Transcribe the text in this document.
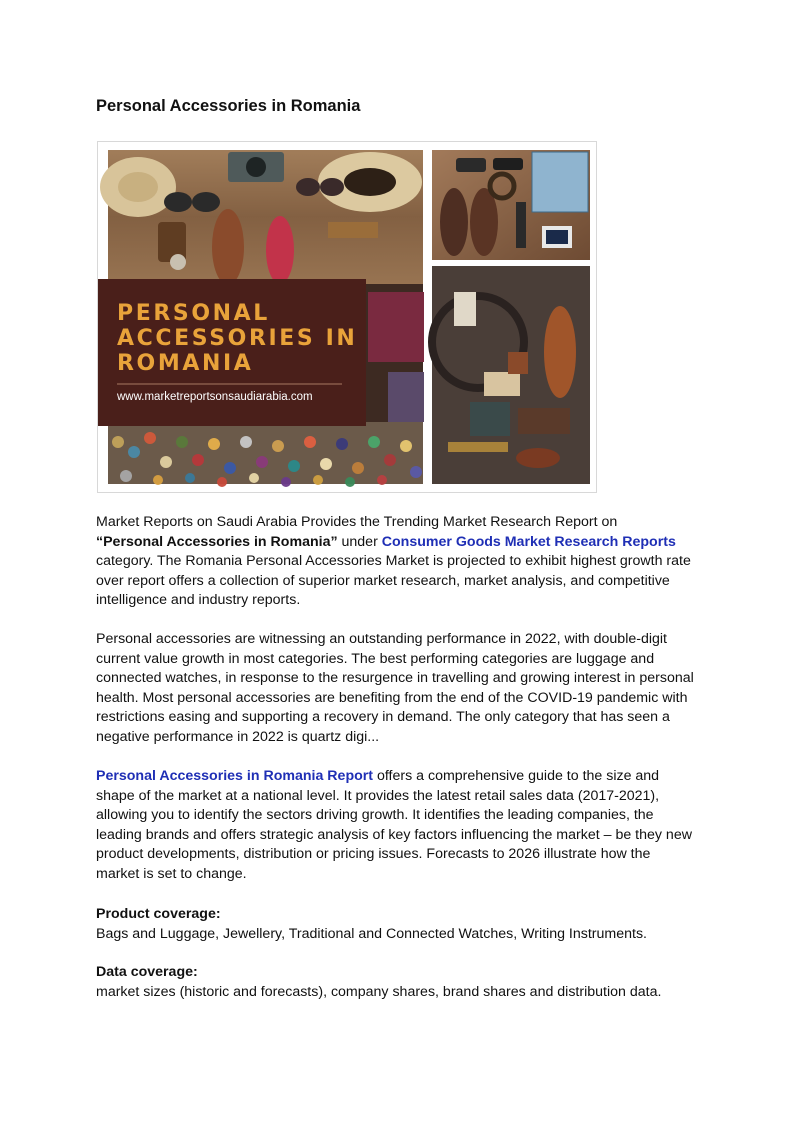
Personal Accessories in Romania
PERSONAL
ACCESSORIES IN
ROMANIA
www.marketreportsonsaudiarabia.com

Market Reports on Saudi Arabia Provides the Trending Market Research Report on
“Personal Accessories in Romania” under Consumer Goods Market Research Reports
category. The Romania Personal Accessories Market is projected to exhibit highest growth rate over report offers a collection of superior market research, market analysis, and competitive intelligence and industry reports.

Personal accessories are witnessing an outstanding performance in 2022, with double-digit current value growth in most categories. The best performing categories are luggage and connected watches, in response to the resurgence in travelling and growing interest in personal health. Most personal accessories are benefiting from the end of the COVID-19 pandemic with restrictions easing and supporting a recovery in demand. The only category that has seen a negative performance in 2022 is quartz digi...

Personal Accessories in Romania Report offers a comprehensive guide to the size and shape of the market at a national level. It provides the latest retail sales data (2017-2021), allowing you to identify the sectors driving growth. It identifies the leading companies, the leading brands and offers strategic analysis of key factors influencing the market – be they new product developments, distribution or pricing issues. Forecasts to 2026 illustrate how the market is set to change.

Product coverage:

Bags and Luggage, Jewellery, Traditional and Connected Watches, Writing Instruments.

Data coverage:

market sizes (historic and forecasts), company shares, brand shares and distribution data.
